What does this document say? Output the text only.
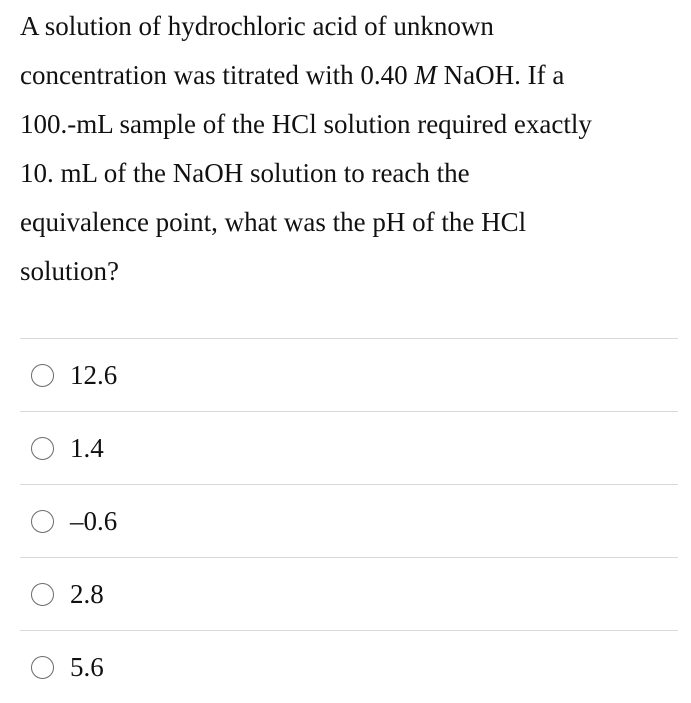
A solution of hydrochloric acid of unknown
concentration was titrated with 0.40 M NaOH. If a
100.-mL sample of the HCl solution required exactly
10. mL of the NaOH solution to reach the
equivalence point, what was the pH of the HCl
solution?
12.6
1.4
–0.6
2.8
5.6
